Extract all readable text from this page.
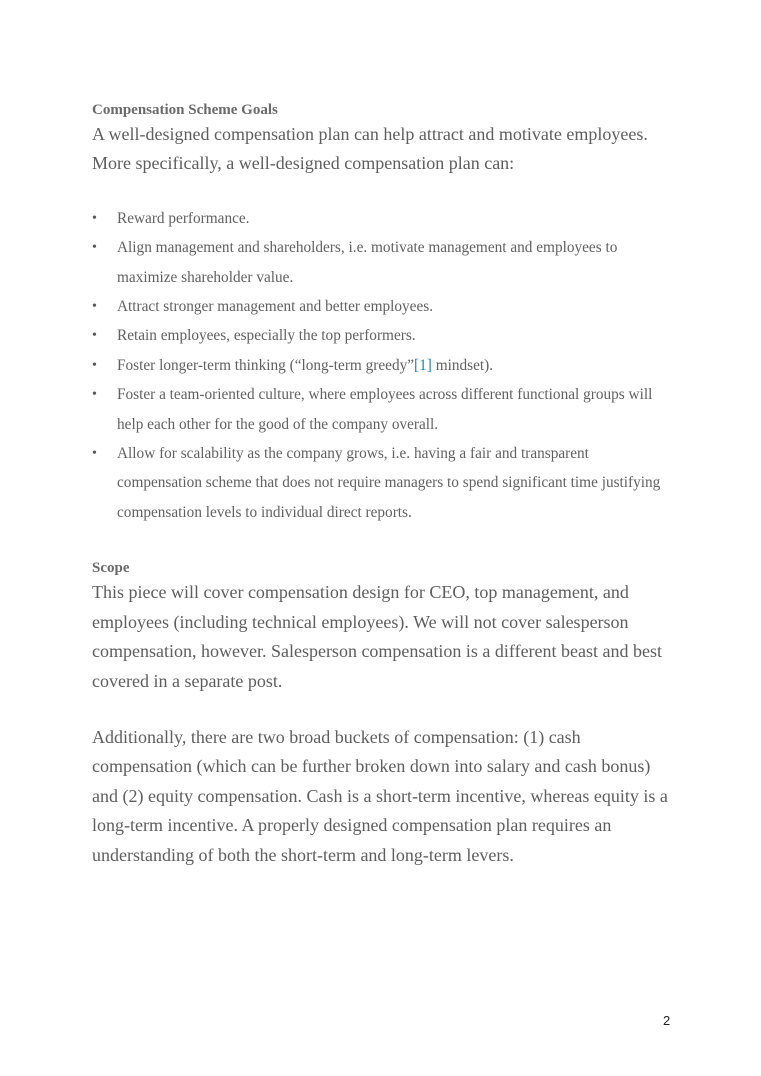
Compensation Scheme Goals

A well-designed compensation plan can help attract and motivate employees. More specifically, a well-designed compensation plan can:

• Reward performance.
• Align management and shareholders, i.e. motivate management and employees to maximize shareholder value.
• Attract stronger management and better employees.
• Retain employees, especially the top performers.
• Foster longer-term thinking (“long-term greedy”[1] mindset).
• Foster a team-oriented culture, where employees across different functional groups will help each other for the good of the company overall.
• Allow for scalability as the company grows, i.e. having a fair and transparent compensation scheme that does not require managers to spend significant time justifying compensation levels to individual direct reports.

Scope

This piece will cover compensation design for CEO, top management, and employees (including technical employees). We will not cover salesperson compensation, however. Salesperson compensation is a different beast and best covered in a separate post.

Additionally, there are two broad buckets of compensation: (1) cash compensation (which can be further broken down into salary and cash bonus) and (2) equity compensation. Cash is a short-term incentive, whereas equity is a long-term incentive. A properly designed compensation plan requires an understanding of both the short-term and long-term levers.

2
